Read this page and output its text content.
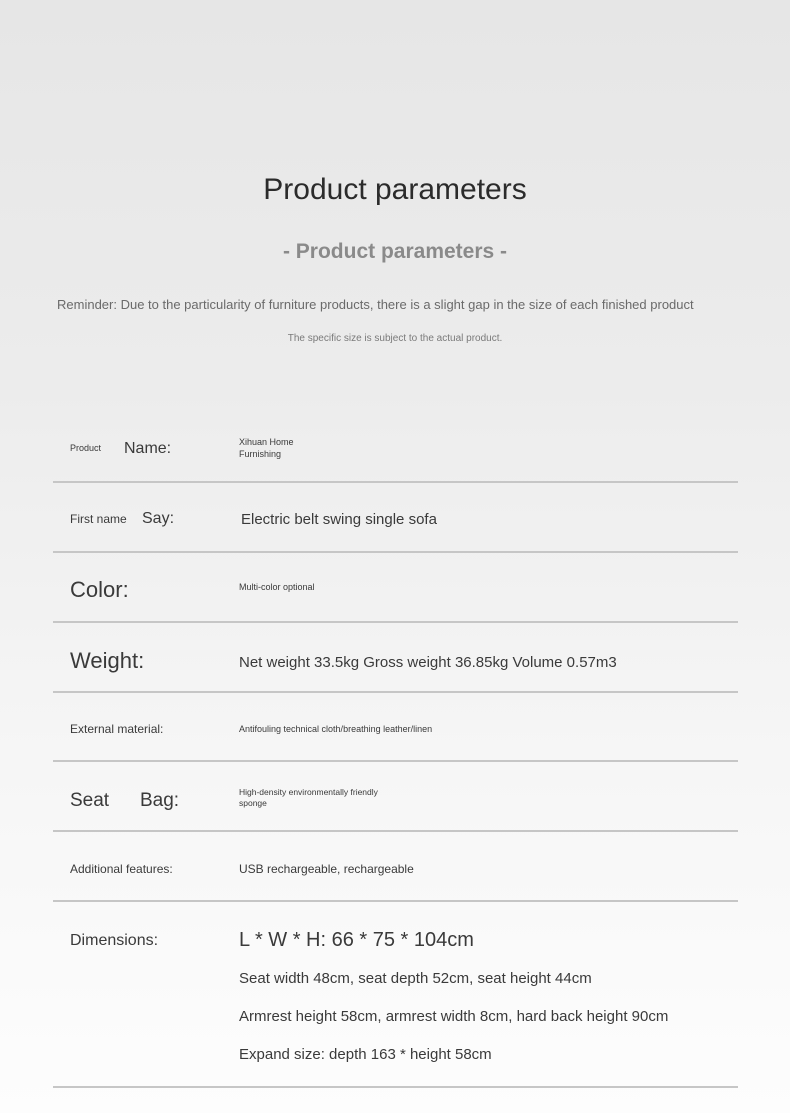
Product parameters
- Product parameters -
Reminder: Due to the particularity of furniture products, there is a slight gap in the size of each finished product
The specific size is subject to the actual product.
Product Name:	Xihuan Home
Furnishing
First name Say:	Electric belt swing single sofa
Color:	Multi-color optional
Weight:	Net weight 33.5kg Gross weight 36.85kg Volume 0.57m3
External material:	Antifouling technical cloth/breathing leather/linen
Seat Bag:	High-density environmentally friendly
sponge
Additional features:	USB rechargeable, rechargeable
Dimensions:	L * W * H: 66 * 75 * 104cm
Seat width 48cm, seat depth 52cm, seat height 44cm
Armrest height 58cm, armrest width 8cm, hard back height 90cm
Expand size: depth 163 * height 58cm
